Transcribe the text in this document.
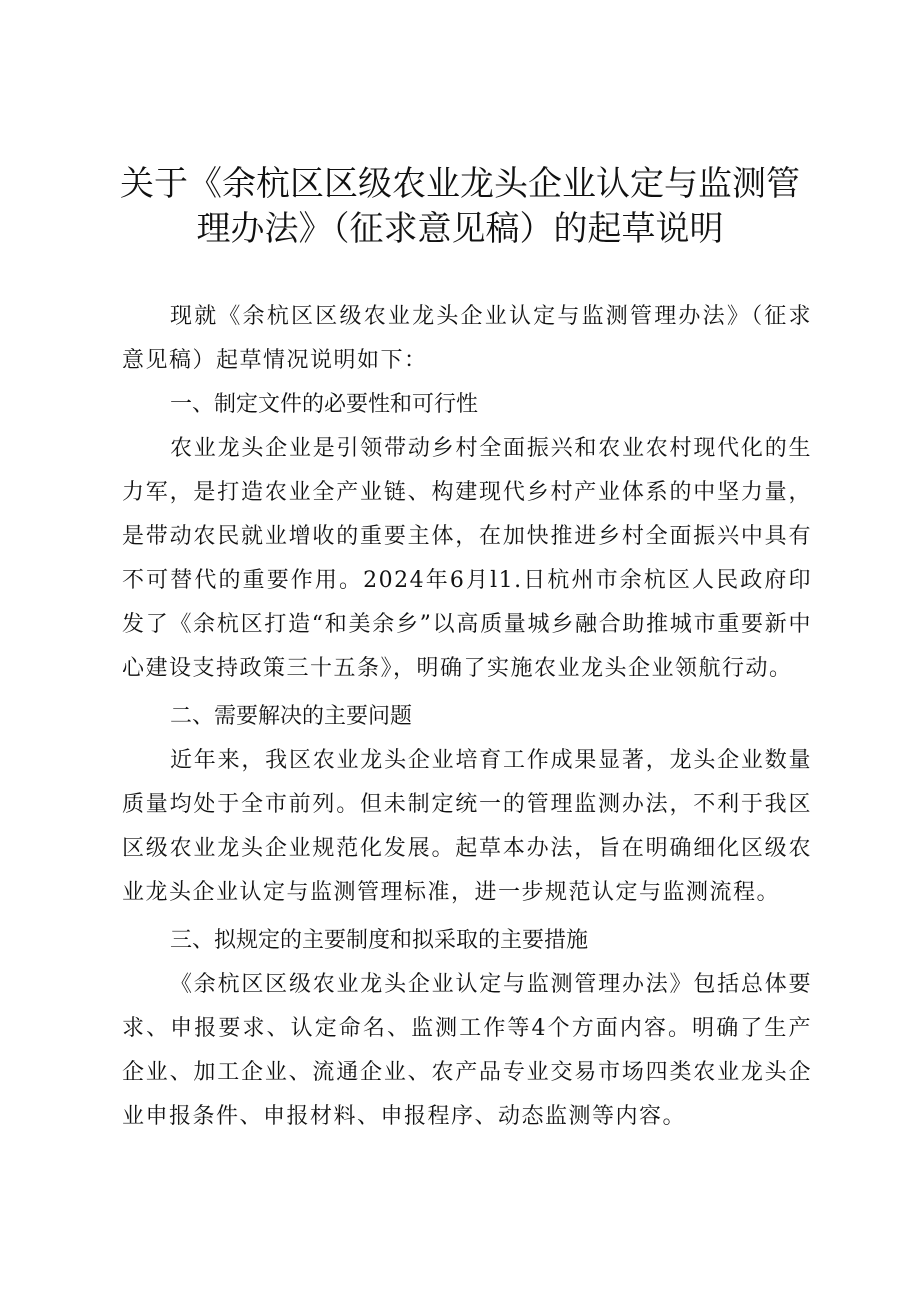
关于《余杭区区级农业龙头企业认定与监测管
理办法》（征求意见稿）的起草说明

现就《余杭区区级农业龙头企业认定与监测管理办法》（征求意见稿）起草情况说明如下：

一、制定文件的必要性和可行性

农业龙头企业是引领带动乡村全面振兴和农业农村现代化的生力军，是打造农业全产业链、构建现代乡村产业体系的中坚力量，是带动农民就业增收的重要主体，在加快推进乡村全面振兴中具有不可替代的重要作用。2024年6月l1.日杭州市余杭区人民政府印发了《余杭区打造“和美余乡”以高质量城乡融合助推城市重要新中心建设支持政策三十五条》，明确了实施农业龙头企业领航行动。

二、需要解决的主要问题

近年来，我区农业龙头企业培育工作成果显著，龙头企业数量质量均处于全市前列。但未制定统一的管理监测办法，不利于我区区级农业龙头企业规范化发展。起草本办法，旨在明确细化区级农业龙头企业认定与监测管理标准，进一步规范认定与监测流程。

三、拟规定的主要制度和拟采取的主要措施

《余杭区区级农业龙头企业认定与监测管理办法》包括总体要求、申报要求、认定命名、监测工作等4个方面内容。明确了生产企业、加工企业、流通企业、农产品专业交易市场四类农业龙头企业申报条件、申报材料、申报程序、动态监测等内容。
